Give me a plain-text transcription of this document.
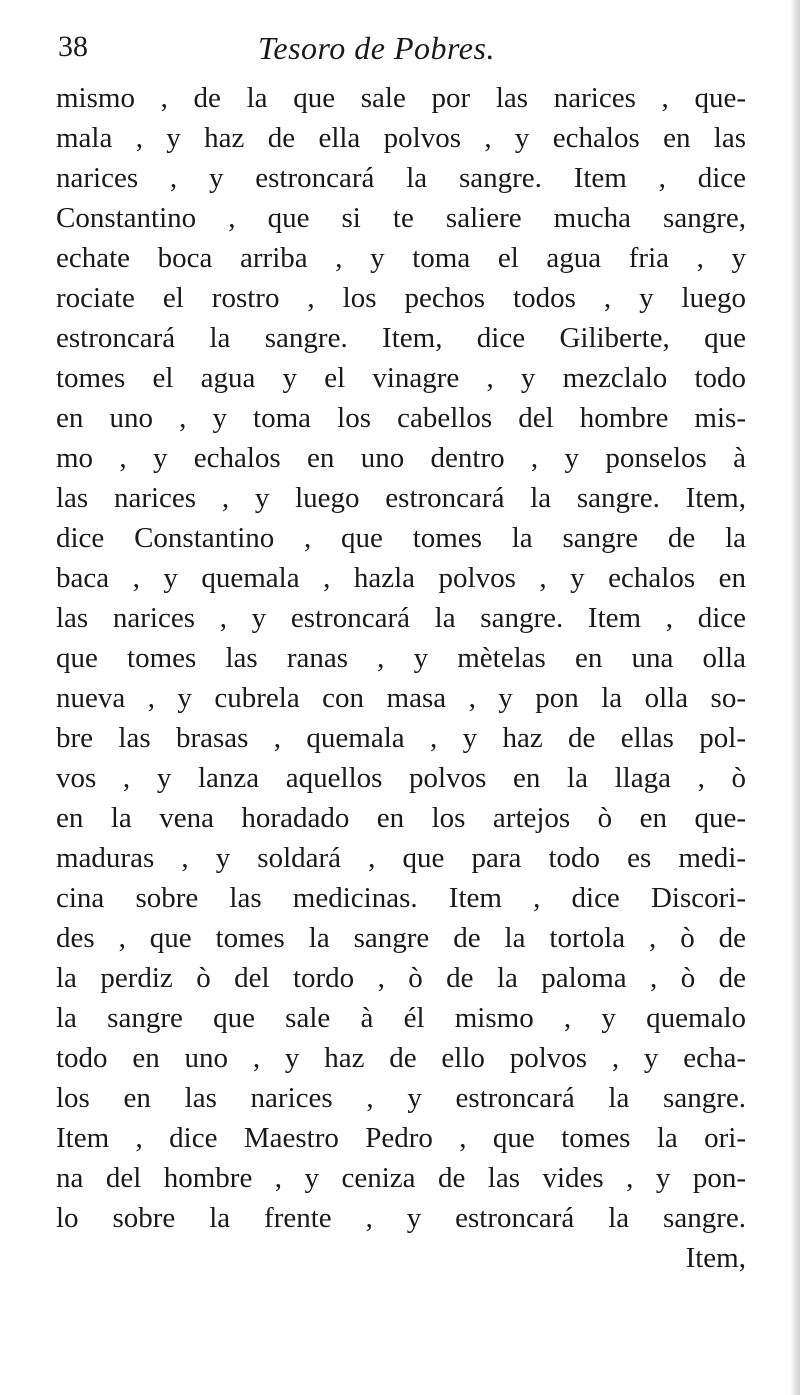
38	Tesoro de Pobres.
mismo , de la que sale por las narices , que-
mala , y haz de ella polvos , y echalos en las
narices , y estroncará la sangre. Item , dice
Constantino , que si te saliere mucha sangre,
echate boca arriba , y toma el agua fria , y
rociate el rostro , los pechos todos , y luego
estroncará la sangre. Item, dice Giliberte, que
tomes el agua y el vinagre , y mezclalo todo
en uno , y toma los cabellos del hombre mis-
mo , y echalos en uno dentro , y ponselos à
las narices , y luego estroncará la sangre. Item,
dice Constantino , que tomes la sangre de la
baca , y quemala , hazla polvos , y echalos en
las narices , y estroncará la sangre. Item , dice
que tomes las ranas , y mètelas en una olla
nueva , y cubrela con masa , y pon la olla so-
bre las brasas , quemala , y haz de ellas pol-
vos , y lanza aquellos polvos en la llaga , ò
en la vena horadado en los artejos ò en que-
maduras , y soldará , que para todo es medi-
cina sobre las medicinas. Item , dice Discori-
des , que tomes la sangre de la tortola , ò de
la perdiz ò del tordo , ò de la paloma , ò de
la sangre que sale à él mismo , y quemalo
todo en uno , y haz de ello polvos , y echa-
los en las narices , y estroncará la sangre.
Item , dice Maestro Pedro , que tomes la ori-
na del hombre , y ceniza de las vides , y pon-
lo sobre la frente , y estroncará la sangre.
Item,
